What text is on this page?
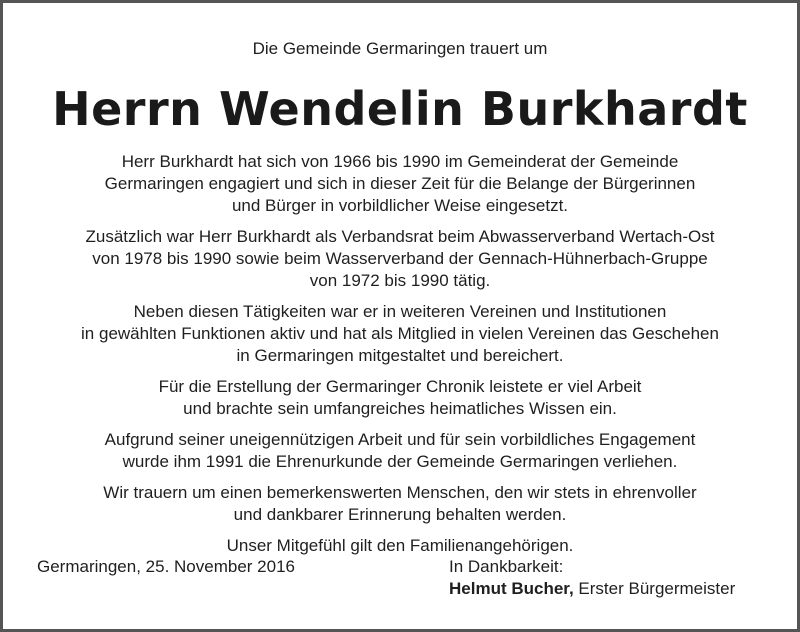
Die Gemeinde Germaringen trauert um
Herrn Wendelin Burkhardt

Herr Burkhardt hat sich von 1966 bis 1990 im Gemeinderat der Gemeinde
Germaringen engagiert und sich in dieser Zeit für die Belange der Bürgerinnen
und Bürger in vorbildlicher Weise eingesetzt.

Zusätzlich war Herr Burkhardt als Verbandsrat beim Abwasserverband Wertach-Ost
von 1978 bis 1990 sowie beim Wasserverband der Gennach-Hühnerbach-Gruppe
von 1972 bis 1990 tätig.

Neben diesen Tätigkeiten war er in weiteren Vereinen und Institutionen
in gewählten Funktionen aktiv und hat als Mitglied in vielen Vereinen das Geschehen
in Germaringen mitgestaltet und bereichert.

Für die Erstellung der Germaringer Chronik leistete er viel Arbeit
und brachte sein umfangreiches heimatliches Wissen ein.

Aufgrund seiner uneigennützigen Arbeit und für sein vorbildliches Engagement
wurde ihm 1991 die Ehrenurkunde der Gemeinde Germaringen verliehen.

Wir trauern um einen bemerkenswerten Menschen, den wir stets in ehrenvoller
und dankbarer Erinnerung behalten werden.

Unser Mitgefühl gilt den Familienangehörigen.

Germaringen, 25. November 2016	In Dankbarkeit:
Helmut Bucher, Erster Bürgermeister
